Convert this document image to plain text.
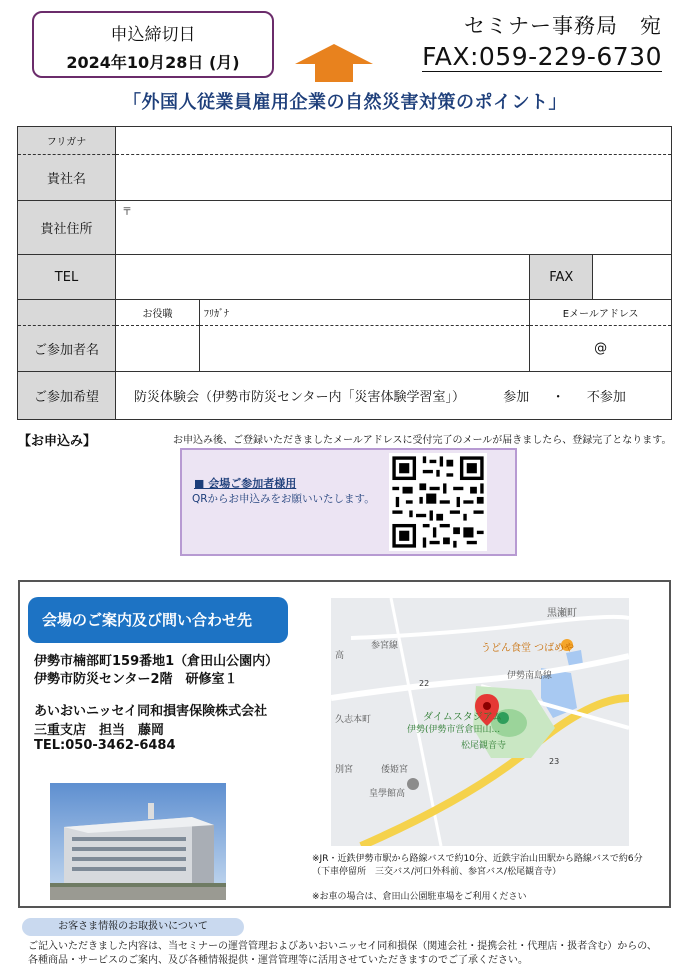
申込締切日
2024年10月28日 (月)
セミナー事務局　宛
FAX:059-229-6730
「外国人従業員雇用企業の自然災害対策のポイント」
フリガナ			
貴社名			
貴社住所	〒		
TEL			FAX

	お役職	ﾌﾘｶﾞﾅ	Eメールアドレス
ご参加者名			@
ご参加希望	防災体験会（伊勢市防災センター内「災害体験学習室」） 参加 ・ 不参加		
【お申込み】	お申込み後、ご登録いただきましたメールアドレスに受付完了のメールが届きましたら、登録完了となります。
■ 会場ご参加者様用
QRからお申込みをお願いいたします。
会場のご案内及び問い合わせ先
伊勢市楠部町159番地1（倉田山公園内）
伊勢市防災センター2階　研修室１
あいおいニッセイ同和損害保険株式会社
三重支店　担当　藤岡
TEL:050-3462-6484
黒瀬町
うどん食堂 つばめや
参宮線
伊勢南島線
ダイムスタジアム
伊勢(伊勢市営倉田山...
松尾観音寺
久志本町
皇學館高
倭姫宮
別宮
22
23
高
※JR・近鉄伊勢市駅から路線バスで約10分、近鉄宇治山田駅から路線バスで約6分
（下車停留所　三交バス/河口外科前、参宮バス/松尾観音寺）
※お車の場合は、倉田山公園駐車場をご利用ください
お客さま情報のお取扱いについて
ご記入いただきました内容は、当セミナーの運営管理およびあいおいニッセイ同和損保（関連会社・提携会社・代理店・扱者含む）からの、
各種商品・サービスのご案内、及び各種情報提供・運営管理等に活用させていただきますのでご了承ください。
